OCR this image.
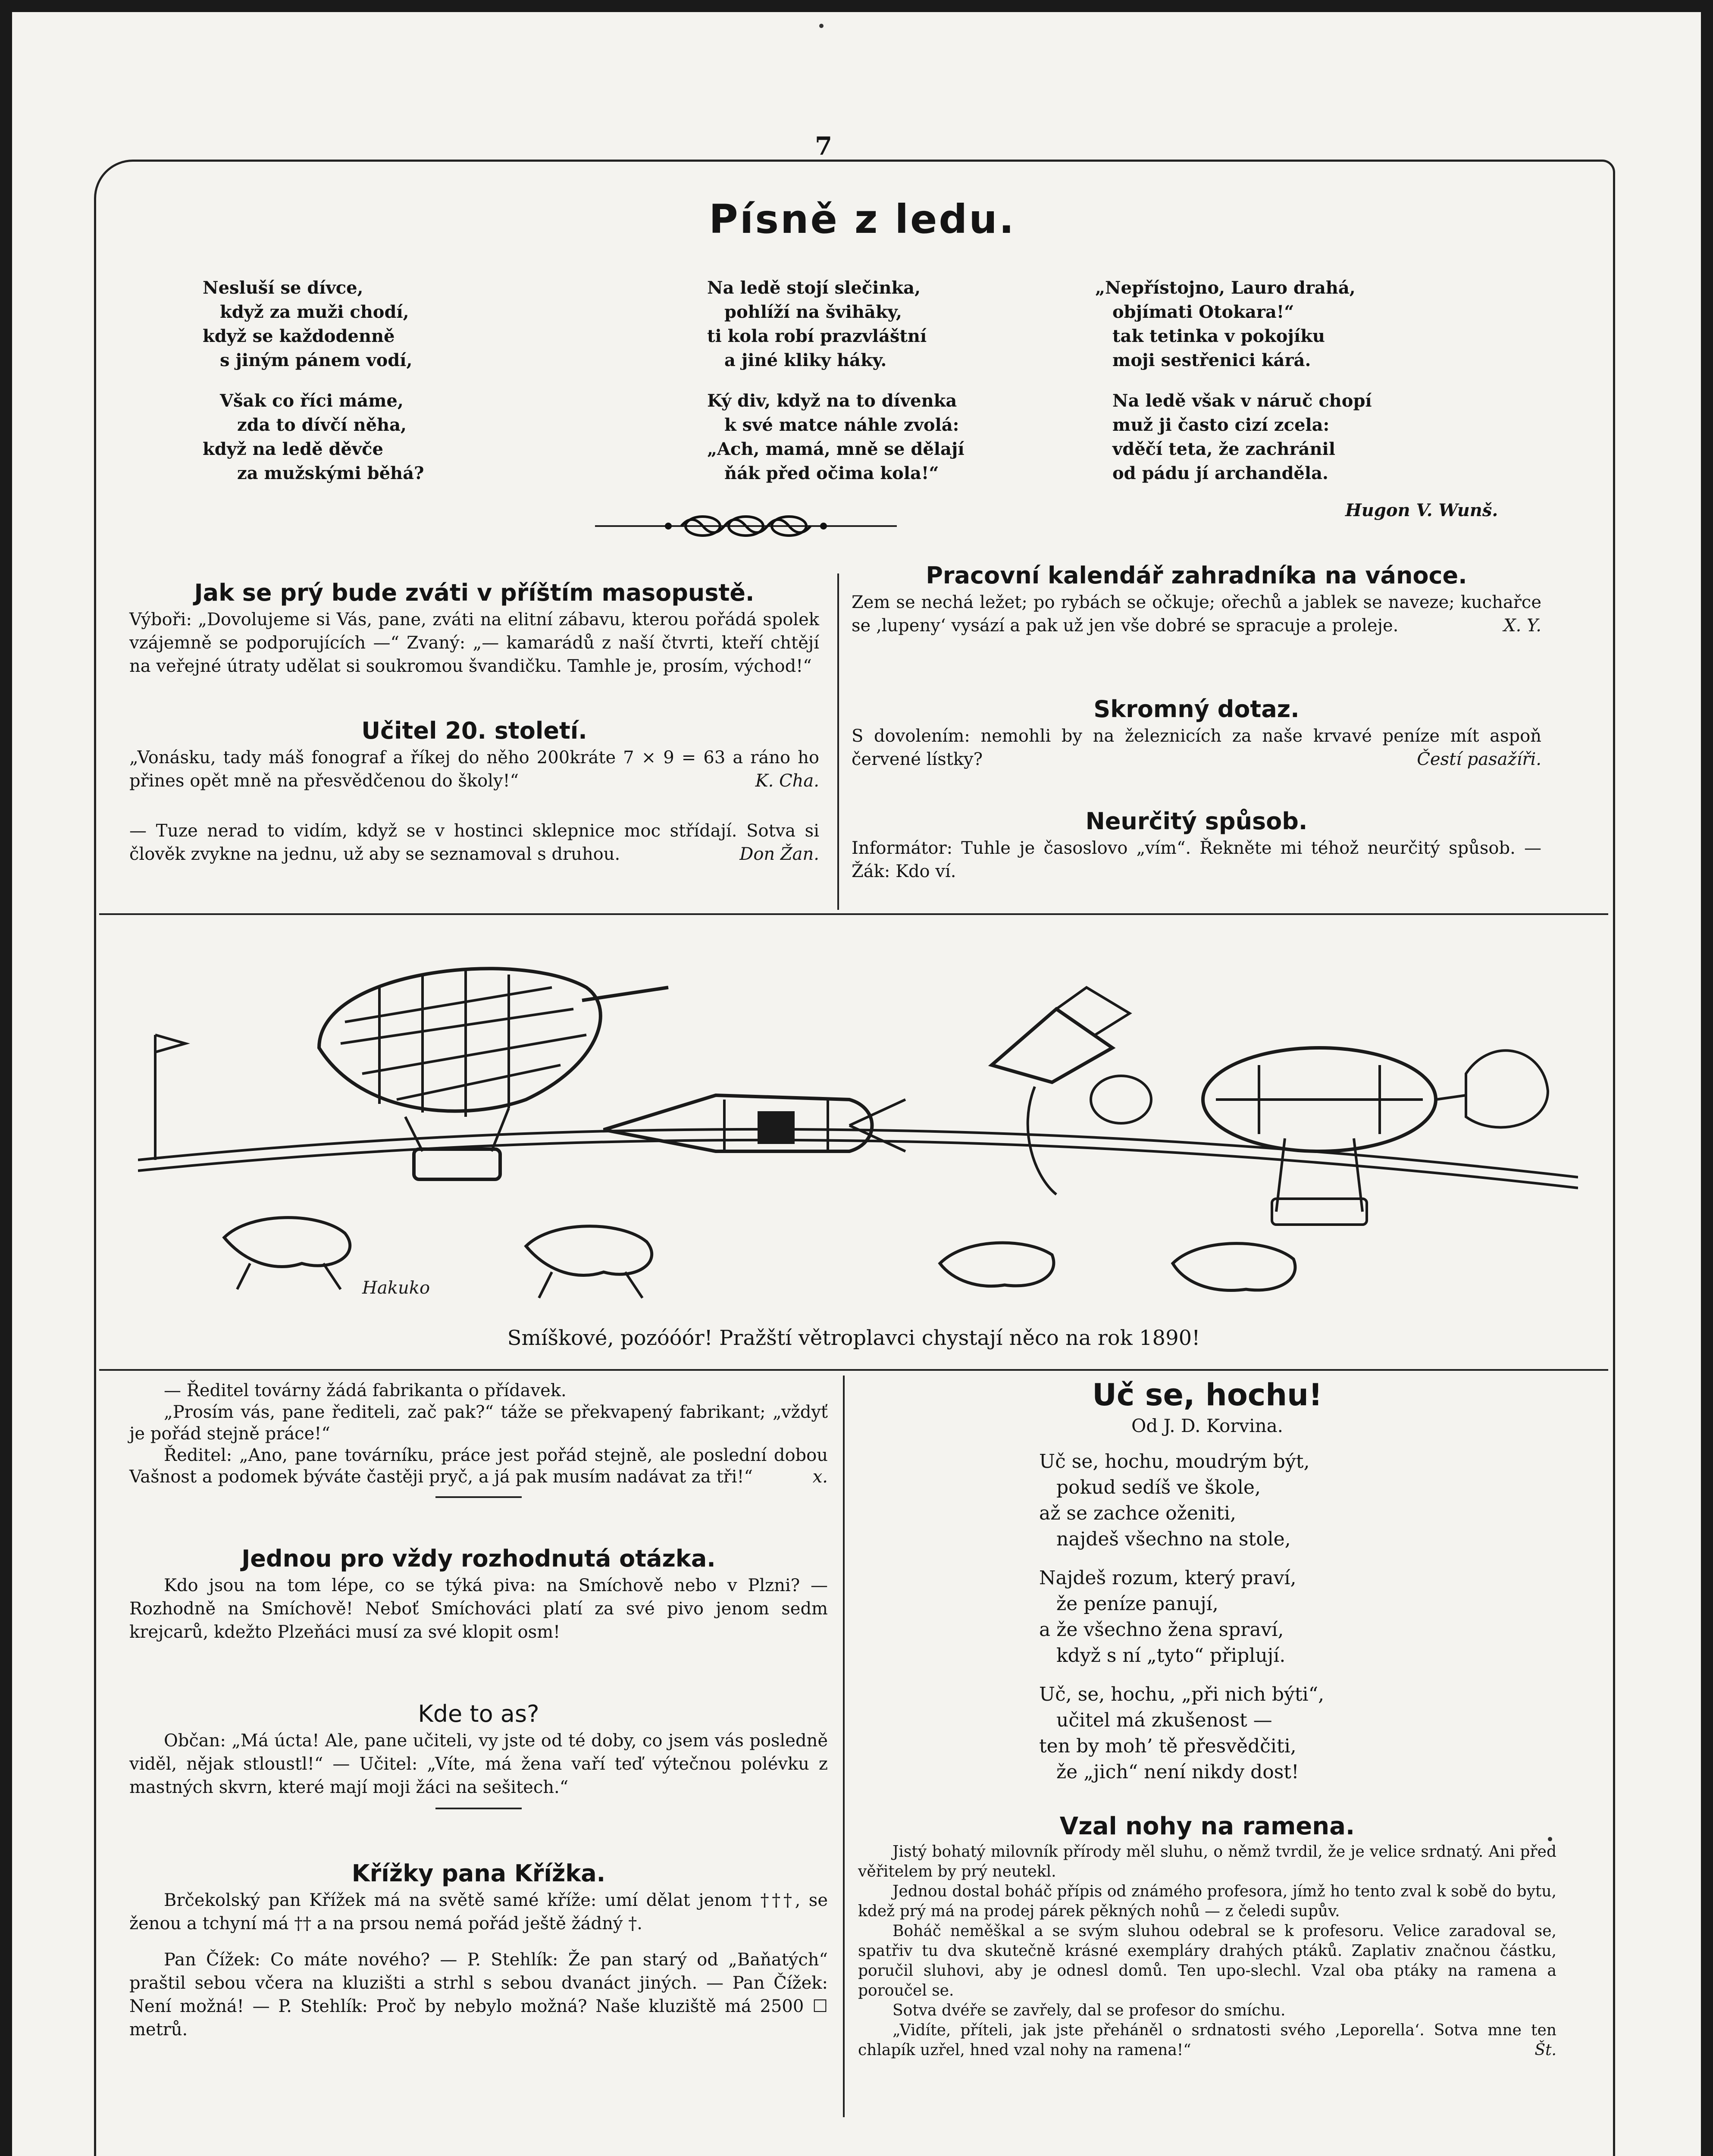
7
Písně z ledu.
Nesluší se dívce,
když za muži chodí,
když se každodenně
s jiným pánem vodí,
Však co říci máme,
zda to dívčí něha,
když na ledě děvče
za mužskými běhá?
Na ledě stojí slečinka,
pohlíží na švihāky,
ti kola robí prazvláštní
a jiné kliky háky.
Ký div, když na to dívenka
k své matce náhle zvolá:
„Ach, mamá, mně se dělají
ňák před očima kola!“
„Nepřístojno, Lauro drahá,
objímati Otokara!“
tak tetinka v pokojíku
moji sestřenici kárá.
Na ledě však v náruč chopí
muž ji často cizí zcela:
vděčí teta, že zachránil
od pádu jí archanděla.
Hugon V. Wunš.

Jak se prý bude zváti v příštím masopustě.

Výboři: „Dovolujeme si Vás, pane, zváti na elitní zábavu, kterou pořádá spolek vzájemně se podporujících —“ Zvaný: „— kamarádů z naší čtvrti, kteří chtějí na veřejné útraty udělat si soukromou švandičku. Tamhle je, prosím, východ!“

Učitel 20. století.

„Vonásku, tady máš fonograf a říkej do něho 200kráte 7 × 9 = 63 a ráno ho přines opět mně na přesvědčenou do školy!“	K. Cha.

— Tuze nerad to vidím, když se v hostinci sklepnice moc střídají. Sotva si člověk zvykne na jednu, už aby se seznamoval s druhou.	Don Žan.

Pracovní kalendář zahradníka na vánoce.

Zem se nechá ležet; po rybách se očkuje; ořechů a jablek se naveze; kuchařce se ‚lupeny‘ vysází a pak už jen vše dobré se spracuje a proleje.	X. Y.

Skromný dotaz.

S dovolením: nemohli by na železnicích za naše krvavé peníze mít aspoň červené lístky?	Čestí pasažíři.

Neurčitý spůsob.

Informátor: Tuhle je časoslovo „vím“. Řekněte mi téhož neurčitý spůsob. — Žák: Kdo ví.

Hakuko
Smíškové, pozóóór! Pražští větroplavci chystají něco na rok 1890!

— Ředitel továrny žádá fabrikanta o přídavek.

„Prosím vás, pane řediteli, zač pak?“ táže se překvapený fabrikant; „vždyť je pořád stejně práce!“

Ředitel: „Ano, pane továrníku, práce jest pořád stejně, ale poslední dobou Vašnost a podomek býváte častěji pryč, a já pak musím nadávat za tři!“	x.

Jednou pro vždy rozhodnutá otázka.

Kdo jsou na tom lépe, co se týká piva: na Smíchově nebo v Plzni? — Rozhodně na Smíchově! Neboť Smíchováci platí za své pivo jenom sedm krejcarů, kdežto Plzeňáci musí za své klopit osm!

Kde to as?

Občan: „Má úcta! Ale, pane učiteli, vy jste od té doby, co jsem vás posledně viděl, nějak stloustl!“ — Učitel: „Víte, má žena vaří teď výtečnou polévku z mastných skvrn, které mají moji žáci na sešitech.“

Křížky pana Křížka.

Brčekolský pan Křížek má na světě samé kříže: umí dělat jenom †††, se ženou a tchyní má †† a na prsou nemá pořád ještě žádný †.

Pan Čížek: Co máte nového? — P. Stehlík: Že pan starý od „Baňatých“ praštil sebou včera na kluzišti a strhl s sebou dvanáct jiných. — Pan Čížek: Není možná! — P. Stehlík: Proč by nebylo možná? Naše kluziště má 2500 ☐ metrů.

Uč se, hochu!

Od J. D. Korvina.

Uč se, hochu, moudrým být,
pokud sedíš ve škole,
až se zachce oženiti,
najdeš všechno na stole,
Najdeš rozum, který praví,
že peníze panují,
a že všechno žena spraví,
když s ní „tyto“ připlují.
Uč, se, hochu, „při nich býti“,
učitel má zkušenost —
ten by moh’ tě přesvědčiti,
že „jich“ není nikdy dost!

Vzal nohy na ramena.

Jistý bohatý milovník přírody měl sluhu, o němž tvrdil, že je velice srdnatý. Ani před věřitelem by prý neutekl.

Jednou dostal boháč přípis od známého profesora, jímž ho tento zval k sobě do bytu, kdež prý má na prodej párek pěkných nohů — z čeledi supův.

Boháč neměškal a se svým sluhou odebral se k profesoru. Velice zaradoval se, spatřiv tu dva skutečně krásné exempláry drahých ptáků. Zaplativ značnou částku, poručil sluhovi, aby je odnesl domů. Ten upo-slechl. Vzal oba ptáky na ramena a poroučel se.

Sotva dvéře se zavřely, dal se profesor do smíchu.

„Vidíte, příteli, jak jste přeháněl o srdnatosti svého ‚Leporella‘. Sotva mne ten chlapík uzřel, hned vzal nohy na ramena!“	Št.
